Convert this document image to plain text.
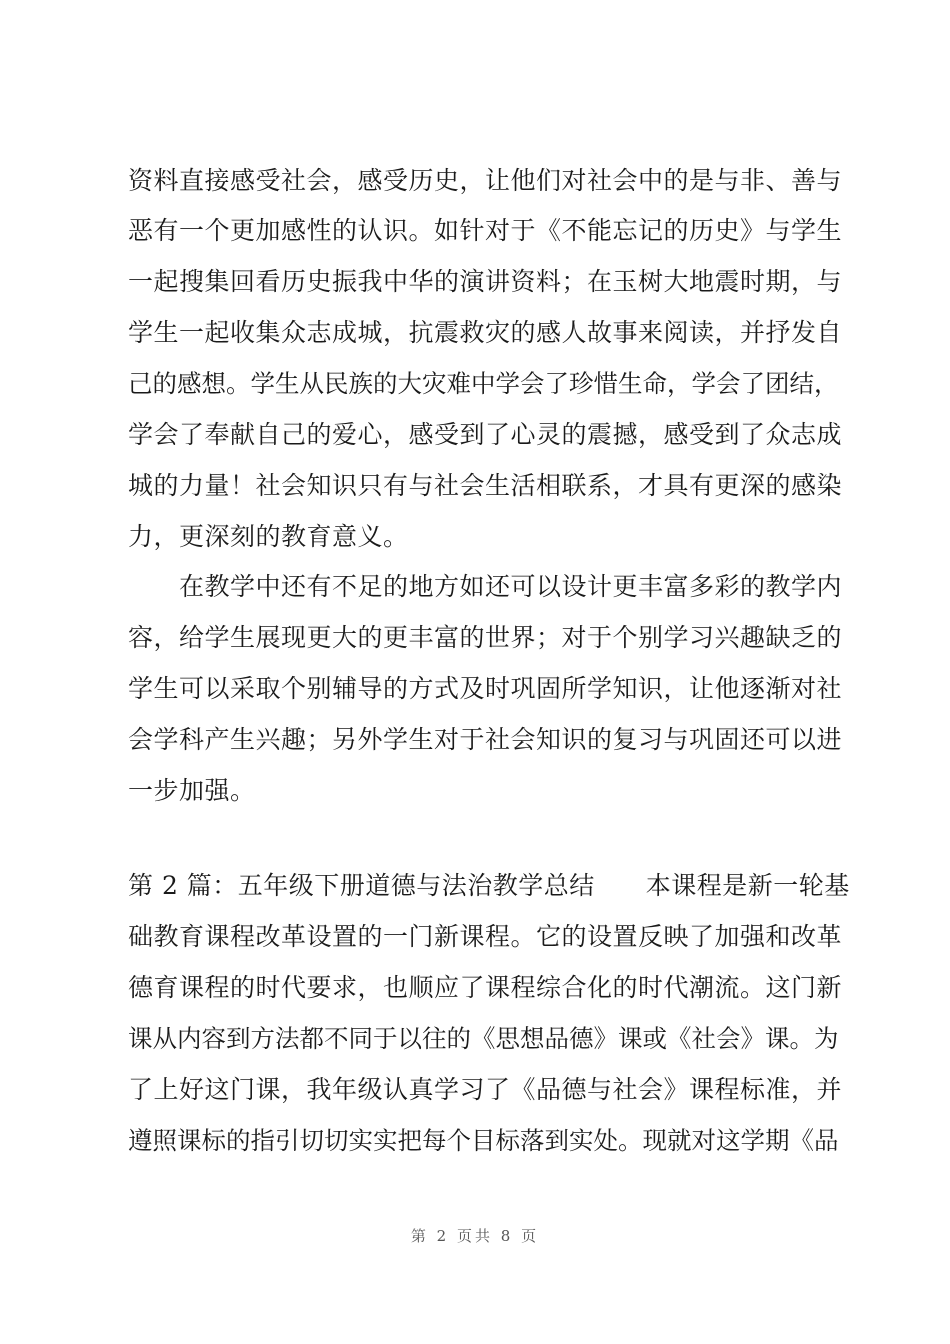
资料直接感受社会，感受历史，让他们对社会中的是与非、善与
恶有一个更加感性的认识。如针对于《不能忘记的历史》与学生
一起搜集回看历史振我中华的演讲资料；在玉树大地震时期，与
学生一起收集众志成城，抗震救灾的感人故事来阅读，并抒发自
己的感想。学生从民族的大灾难中学会了珍惜生命，学会了团结，
学会了奉献自己的爱心，感受到了心灵的震撼，感受到了众志成
城的力量！社会知识只有与社会生活相联系，才具有更深的感染
力，更深刻的教育意义。
　　在教学中还有不足的地方如还可以设计更丰富多彩的教学内
容，给学生展现更大的更丰富的世界；对于个别学习兴趣缺乏的
学生可以采取个别辅导的方式及时巩固所学知识，让他逐渐对社
会学科产生兴趣；另外学生对于社会知识的复习与巩固还可以进
一步加强。
第 2 篇：五年级下册道德与法治教学总结　　本课程是新一轮基
础教育课程改革设置的一门新课程。它的设置反映了加强和改革
德育课程的时代要求，也顺应了课程综合化的时代潮流。这门新
课从内容到方法都不同于以往的《思想品德》课或《社会》课。为
了上好这门课，我年级认真学习了《品德与社会》课程标准，并
遵照课标的指引切切实实把每个目标落到实处。现就对这学期《品
第 2 页共 8 页
